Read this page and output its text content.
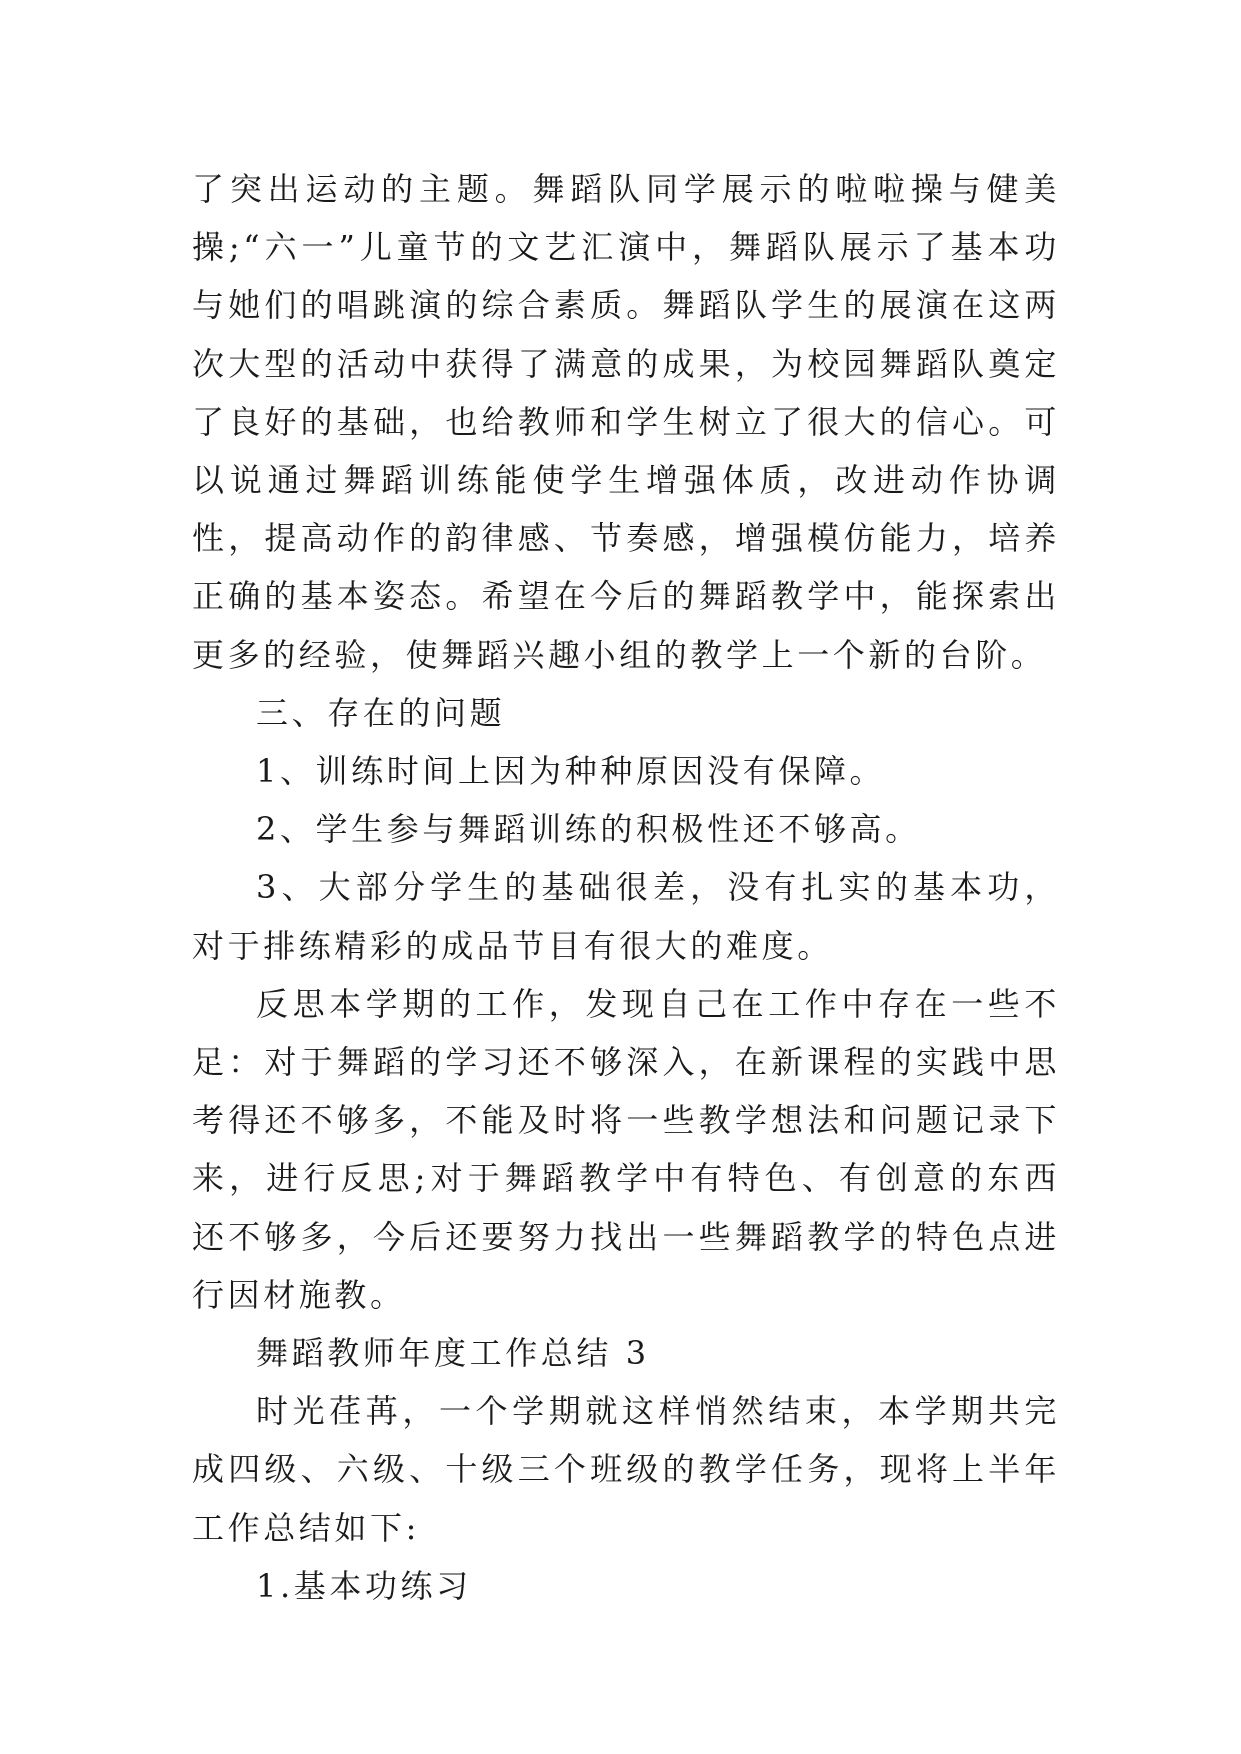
了突出运动的主题。舞蹈队同学展示的啦啦操与健美操;“六一”儿童节的文艺汇演中，舞蹈队展示了基本功与她们的唱跳演的综合素质。舞蹈队学生的展演在这两次大型的活动中获得了满意的成果，为校园舞蹈队奠定了良好的基础，也给教师和学生树立了很大的信心。可以说通过舞蹈训练能使学生增强体质，改进动作协调性，提高动作的韵律感、节奏感，增强模仿能力，培养正确的基本姿态。希望在今后的舞蹈教学中，能探索出更多的经验，使舞蹈兴趣小组的教学上一个新的台阶。

三、存在的问题

1、训练时间上因为种种原因没有保障。

2、学生参与舞蹈训练的积极性还不够高。

3、大部分学生的基础很差，没有扎实的基本功，对于排练精彩的成品节目有很大的难度。

反思本学期的工作，发现自己在工作中存在一些不足：对于舞蹈的学习还不够深入，在新课程的实践中思考得还不够多，不能及时将一些教学想法和问题记录下来，进行反思;对于舞蹈教学中有特色、有创意的东西还不够多，今后还要努力找出一些舞蹈教学的特色点进行因材施教。

舞蹈教师年度工作总结 3

时光荏苒，一个学期就这样悄然结束，本学期共完成四级、六级、十级三个班级的教学任务，现将上半年工作总结如下:

1.基本功练习
